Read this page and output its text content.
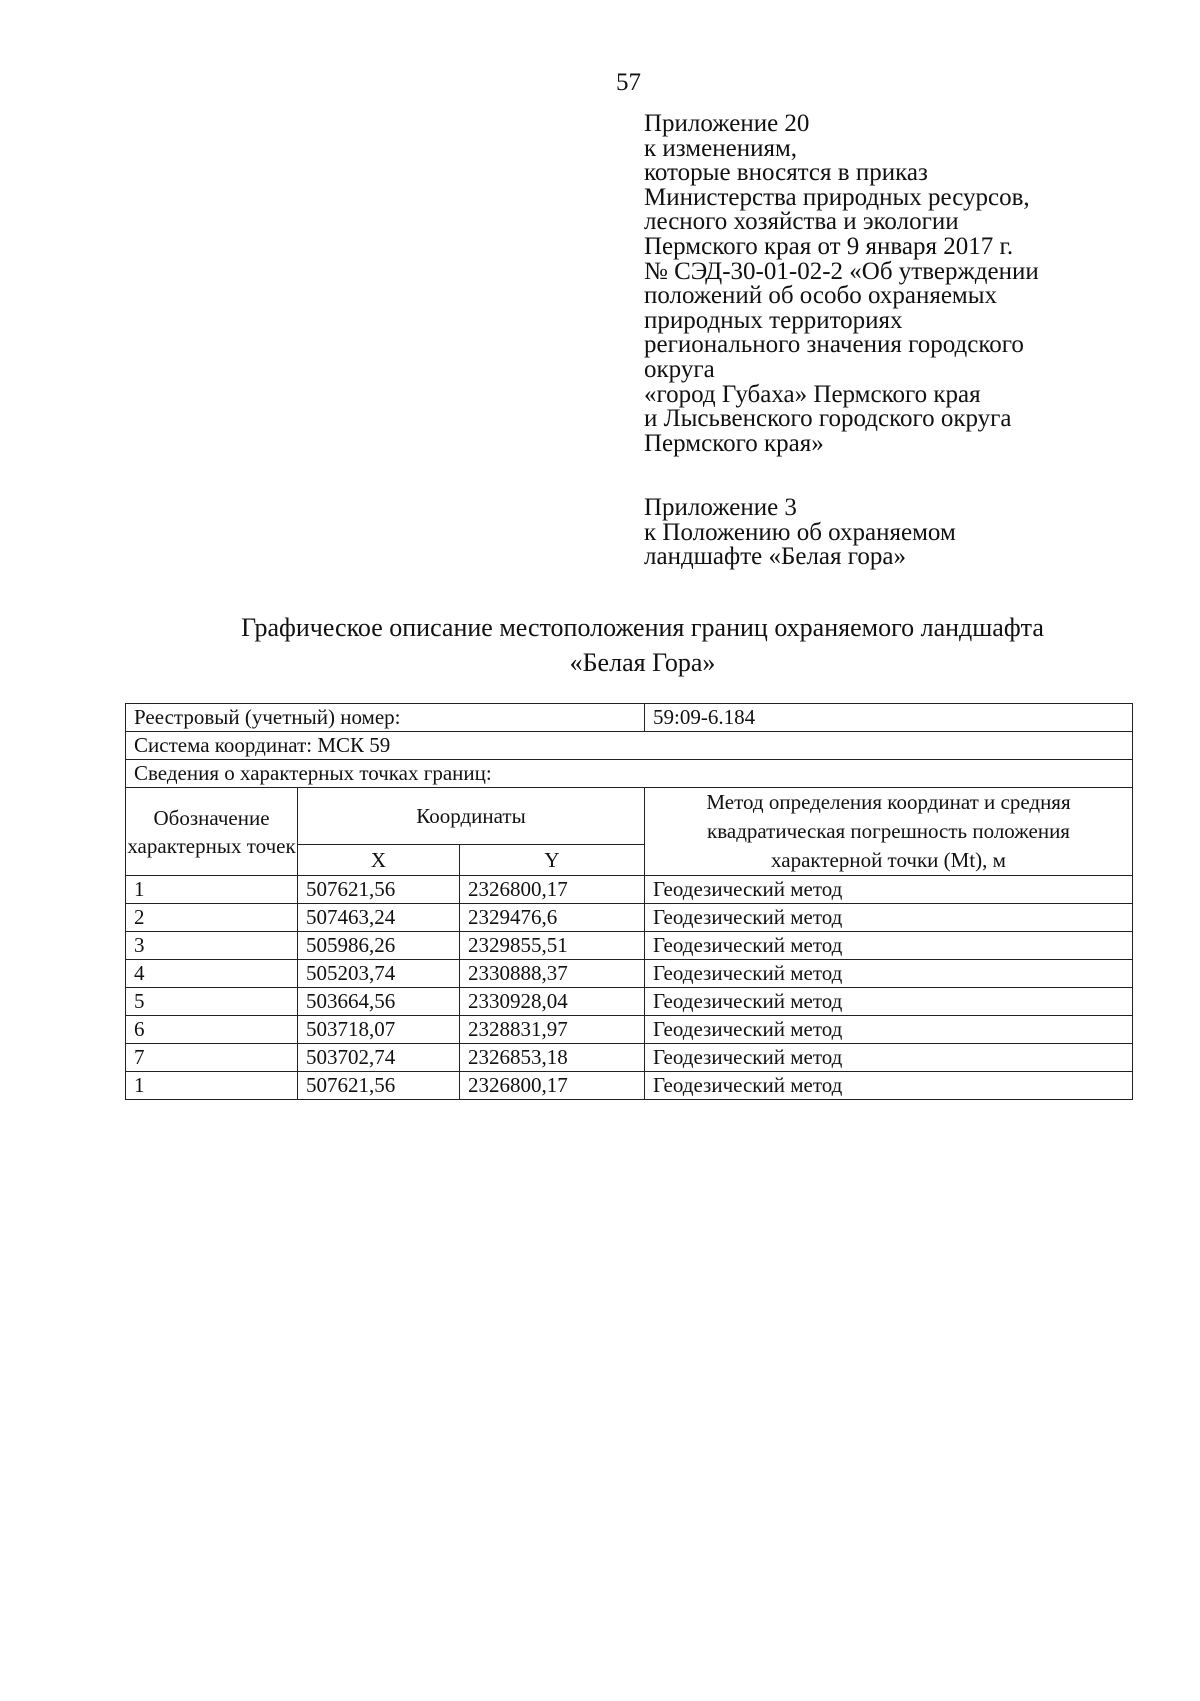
57
Приложение 20
к изменениям,
которые вносятся в приказ
Министерства природных ресурсов,
лесного хозяйства и экологии
Пермского края от 9 января 2017 г.
№ СЭД-30-01-02-2 «Об утверждении
положений об особо охраняемых
природных территориях
регионального значения городского
округа
«город Губаха» Пермского края
и Лысьвенского городского округа
Пермского края»
Приложение 3
к Положению об охраняемом
ландшафте «Белая гора»
Графическое описание местоположения границ охраняемого ландшафта
«Белая Гора»
Реестровый (учетный) номер:			59:09-6.184
Система координат: МСК 59			
Сведения о характерных точках границ:			
Обозначение характерных точек	Координаты		Метод определения координат и средняя квадратическая погрешность положения характерной точки (Mt), м
	X	Y	
1	507621,56	2326800,17	Геодезический метод
2	507463,24	2329476,6	Геодезический метод
3	505986,26	2329855,51	Геодезический метод
4	505203,74	2330888,37	Геодезический метод
5	503664,56	2330928,04	Геодезический метод
6	503718,07	2328831,97	Геодезический метод
7	503702,74	2326853,18	Геодезический метод
1	507621,56	2326800,17	Геодезический метод
